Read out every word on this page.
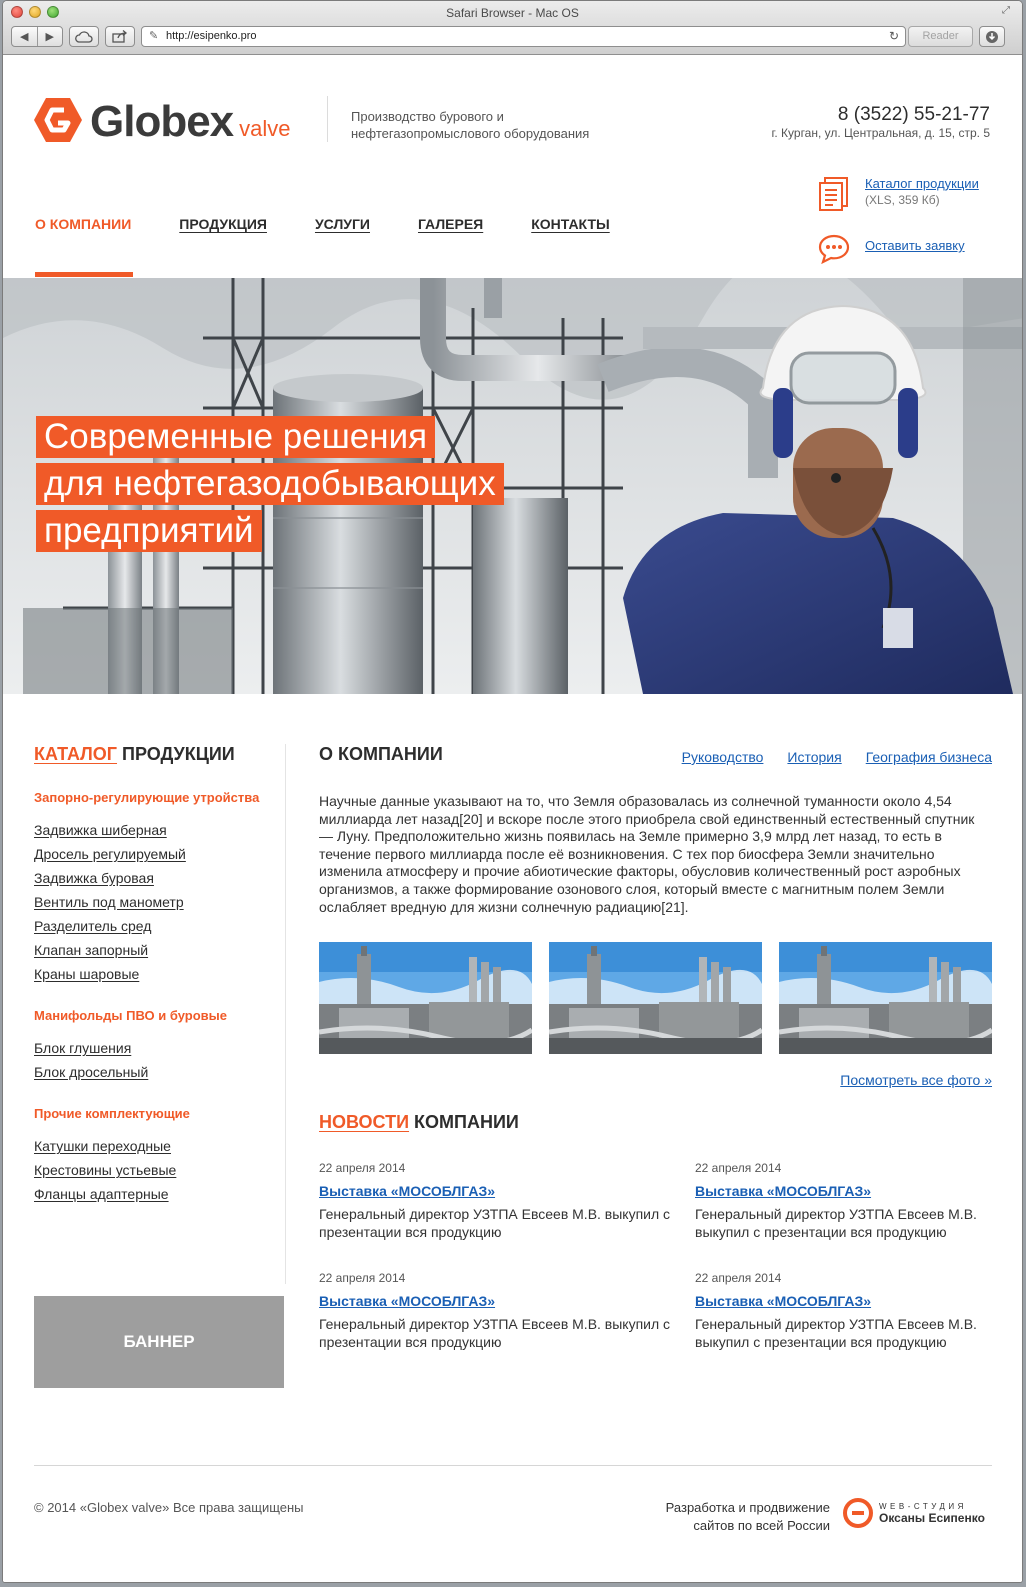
Safari Browser - Mac OS	⤢
◀	▶	✎ http://esipenko.pro	↻	Reader
Globex valve	Производство бурового и нефтегазопромыслового оборудования
8 (3522) 55-21-77
г. Курган, ул. Центральная, д. 15, стр. 5
О КОМПАНИИ	ПРОДУКЦИЯ	УСЛУГИ	ГАЛЕРЕЯ	КОНТАКТЫ
Каталог продукции
(XLS, 359 Кб)
Оставить заявку
Современные решения
для нефтегазодобывающих
предприятий
КАТАЛОГ ПРОДУКЦИИ
Запорно-регулирующие утройства
Задвижка шиберная
Дросель регулируемый
Задвижка буровая
Вентиль под манометр
Разделитель сред
Клапан запорный
Краны шаровые
Манифольды ПВО и буровые
Блок глушения
Блок дросельный
Прочие комплектующие
Катушки переходные
Крестовины устьевые
Фланцы адаптерные
БАННЕР
О КОМПАНИИ	Руководство История География бизнеса
Научные данные указывают на то, что Земля образовалась из солнечной туманности около 4,54 миллиарда лет назад[20] и вскоре после этого приобрела свой единственный естественный спутник — Луну. Предположительно жизнь появилась на Земле примерно 3,9 млрд лет назад, то есть в течение первого миллиарда после её возникновения. С тех пор биосфера Земли значительно изменила атмосферу и прочие абиотические факторы, обусловив количественный рост аэробных организмов, а также формирование озонового слоя, который вместе с магнитным полем Земли ослабляет вредную для жизни солнечную радиацию[21].
Посмотреть все фото »
НОВОСТИ КОМПАНИИ
22 апреля 2014
Выставка «МОСОБЛГАЗ»
Генеральный директор УЗТПА Евсеев М.В. выкупил с презентации вся продукцию
22 апреля 2014
Выставка «МОСОБЛГАЗ»
Генеральный директор УЗТПА Евсеев М.В. выкупил с презентации вся продукцию
22 апреля 2014
Выставка «МОСОБЛГАЗ»
Генеральный директор УЗТПА Евсеев М.В. выкупил с презентации вся продукцию
22 апреля 2014
Выставка «МОСОБЛГАЗ»
Генеральный директор УЗТПА Евсеев М.В. выкупил с презентации вся продукцию
© 2014 «Globex valve» Все права защищены	Разработка и продвижение
сайтов по всей России
WEB-СТУДИЯ
Оксаны Есипенко
